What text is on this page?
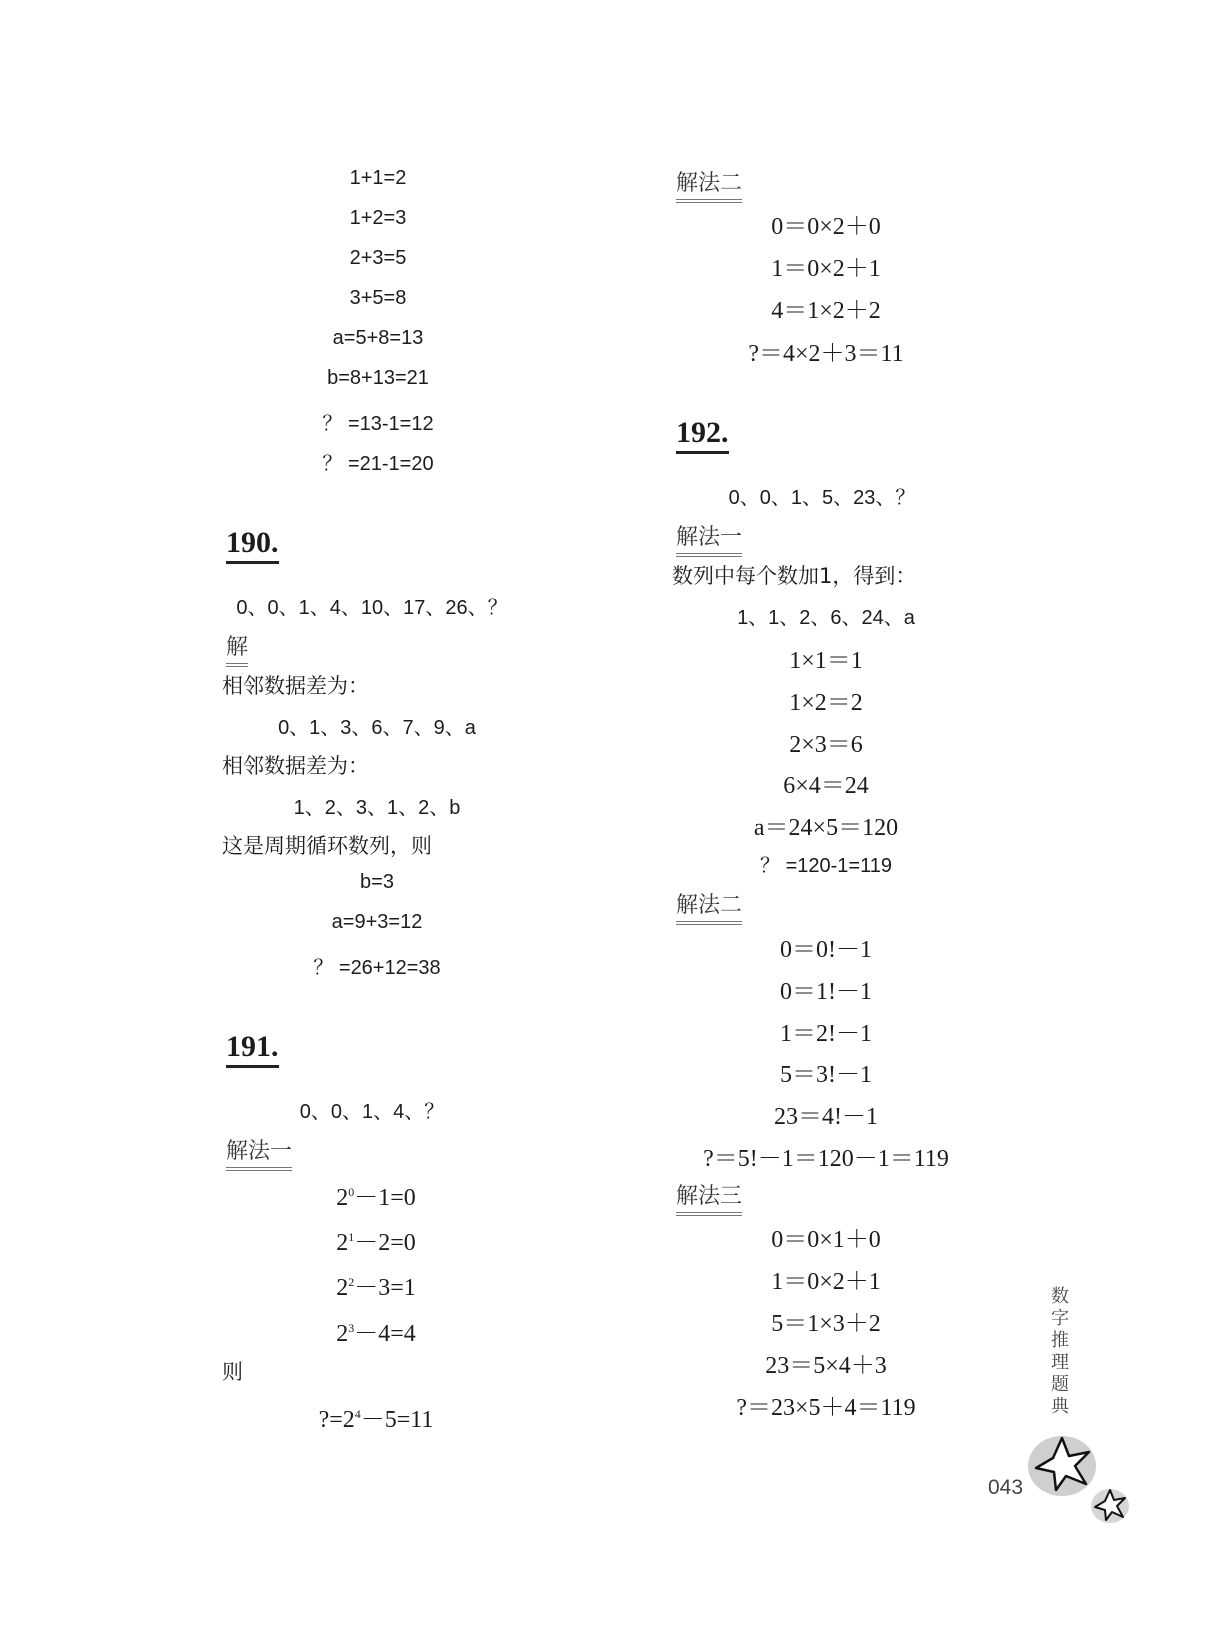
1+1=2
1+2=3
2+3=5
3+5=8
a=5+8=13
b=8+13=21
？ =13-1=12
？ =21-1=20
190.
0、0、1、4、10、17、26、？
解
相邻数据差为：
0、1、3、6、7、9、a
相邻数据差为：
1、2、3、1、2、b
这是周期循环数列，则
b=3
a=9+3=12
？ =26+12=38
191.
0、0、1、4、？
解法一
$2^0-1=0$
$2^1-2=0$
$2^2-3=1$
$2^3-4=4$
则
$?=2^4-5=11$
解法二
0＝0×2＋0
1＝0×2＋1
4＝1×2＋2
?＝4×2＋3＝11
192.
0、0、1、5、23、？
解法一
数列中每个数加1，得到：
1、1、2、6、24、a
1×1＝1
1×2＝2
2×3＝6
6×4＝24
a＝24×5＝120
？ =120-1=119
解法二
0＝0!－1
0＝1!－1
1＝2!－1
5＝3!－1
23＝4!－1
?＝5!－1＝120－1＝119
解法三
0＝0×1＋0
1＝0×2＋1
5＝1×3＋2
23＝5×4＋3
?＝23×5＋4＝119
数
字
推
理
题
典
043
